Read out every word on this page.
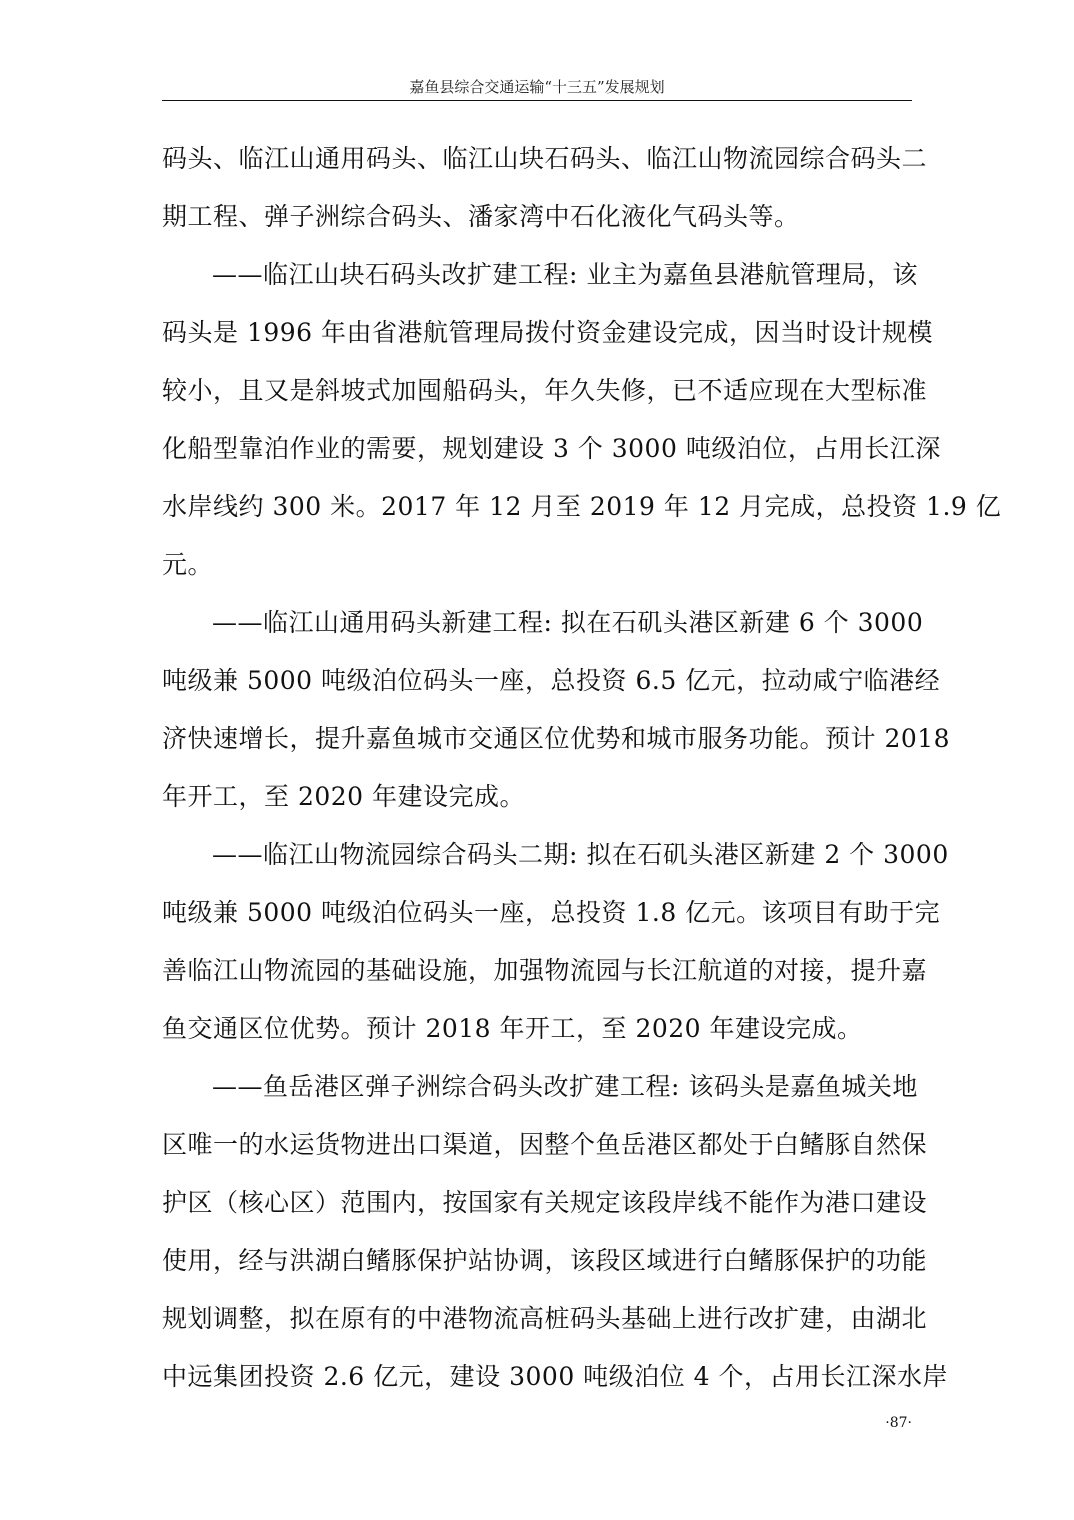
嘉鱼县综合交通运输“十三五”发展规划
码头、临江山通用码头、临江山块石码头、临江山物流园综合码头二
期工程、弹子洲综合码头、潘家湾中石化液化气码头等。
——临江山块石码头改扩建工程: 业主为嘉鱼县港航管理局，该
码头是 1996 年由省港航管理局拨付资金建设完成，因当时设计规模
较小，且又是斜坡式加囤船码头，年久失修，已不适应现在大型标准
化船型靠泊作业的需要，规划建设 3 个 3000 吨级泊位，占用长江深
水岸线约 300 米。2017 年 12 月至 2019 年 12 月完成，总投资 1.9 亿
元。
——临江山通用码头新建工程: 拟在石矶头港区新建 6 个 3000
吨级兼 5000 吨级泊位码头一座，总投资 6.5 亿元，拉动咸宁临港经
济快速增长，提升嘉鱼城市交通区位优势和城市服务功能。预计 2018
年开工，至 2020 年建设完成。
——临江山物流园综合码头二期: 拟在石矶头港区新建 2 个 3000
吨级兼 5000 吨级泊位码头一座，总投资 1.8 亿元。该项目有助于完
善临江山物流园的基础设施，加强物流园与长江航道的对接，提升嘉
鱼交通区位优势。预计 2018 年开工，至 2020 年建设完成。
——鱼岳港区弹子洲综合码头改扩建工程: 该码头是嘉鱼城关地
区唯一的水运货物进出口渠道，因整个鱼岳港区都处于白鳍豚自然保
护区（核心区）范围内，按国家有关规定该段岸线不能作为港口建设
使用，经与洪湖白鳍豚保护站协调，该段区域进行白鳍豚保护的功能
规划调整，拟在原有的中港物流高桩码头基础上进行改扩建，由湖北
中远集团投资 2.6 亿元，建设 3000 吨级泊位 4 个，占用长江深水岸
·87·
